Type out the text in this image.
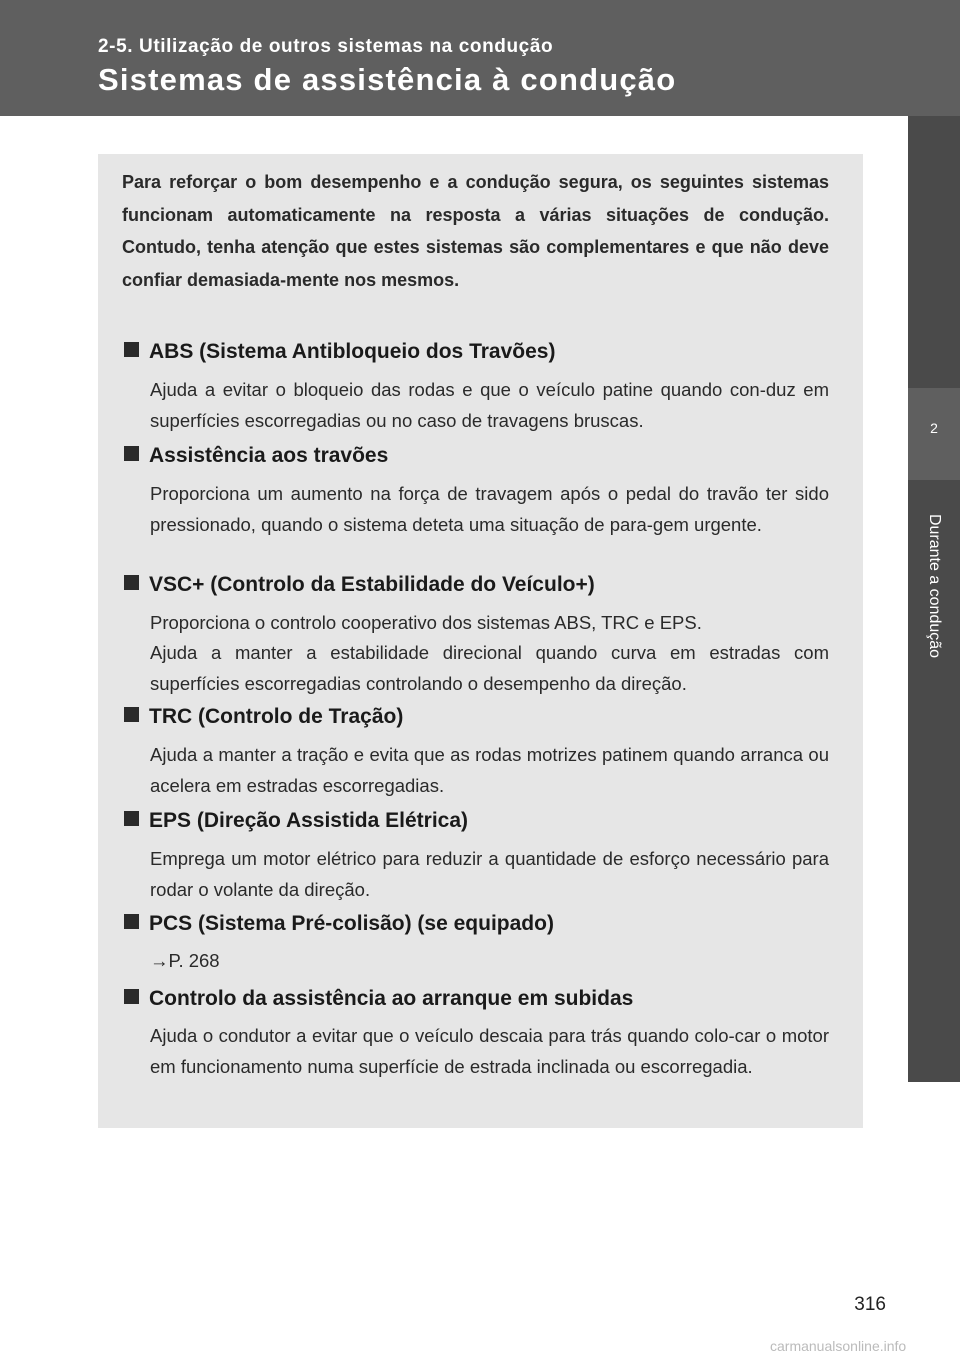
2-5. Utilização de outros sistemas na condução
Sistemas de assistência à condução
2
Durante a condução
Para reforçar o bom desempenho e a condução segura, os seguintes sistemas funcionam automaticamente na resposta a várias situações de condução. Contudo, tenha atenção que estes sistemas são complementares e que não deve confiar demasiada-mente nos mesmos.
ABS (Sistema Antibloqueio dos Travões)
Ajuda a evitar o bloqueio das rodas e que o veículo patine quando con-duz em superfícies escorregadias ou no caso de travagens bruscas.
Assistência aos travões
Proporciona um aumento na força de travagem após o pedal do travão ter sido pressionado, quando o sistema deteta uma situação de para-gem urgente.
VSC+ (Controlo da Estabilidade do Veículo+)
Proporciona o controlo cooperativo dos sistemas ABS, TRC e EPS.
Ajuda a manter a estabilidade direcional quando curva em estradas com superfícies escorregadias controlando o desempenho da direção.
TRC (Controlo de Tração)
Ajuda a manter a tração e evita que as rodas motrizes patinem quando arranca ou acelera em estradas escorregadias.
EPS (Direção Assistida Elétrica)
Emprega um motor elétrico para reduzir a quantidade de esforço necessário para rodar o volante da direção.
PCS (Sistema Pré-colisão) (se equipado)
→P. 268
Controlo da assistência ao arranque em subidas
Ajuda o condutor a evitar que o veículo descaia para trás quando colo-car o motor em funcionamento numa superfície de estrada inclinada ou escorregadia.
316
carmanualsonline.info
